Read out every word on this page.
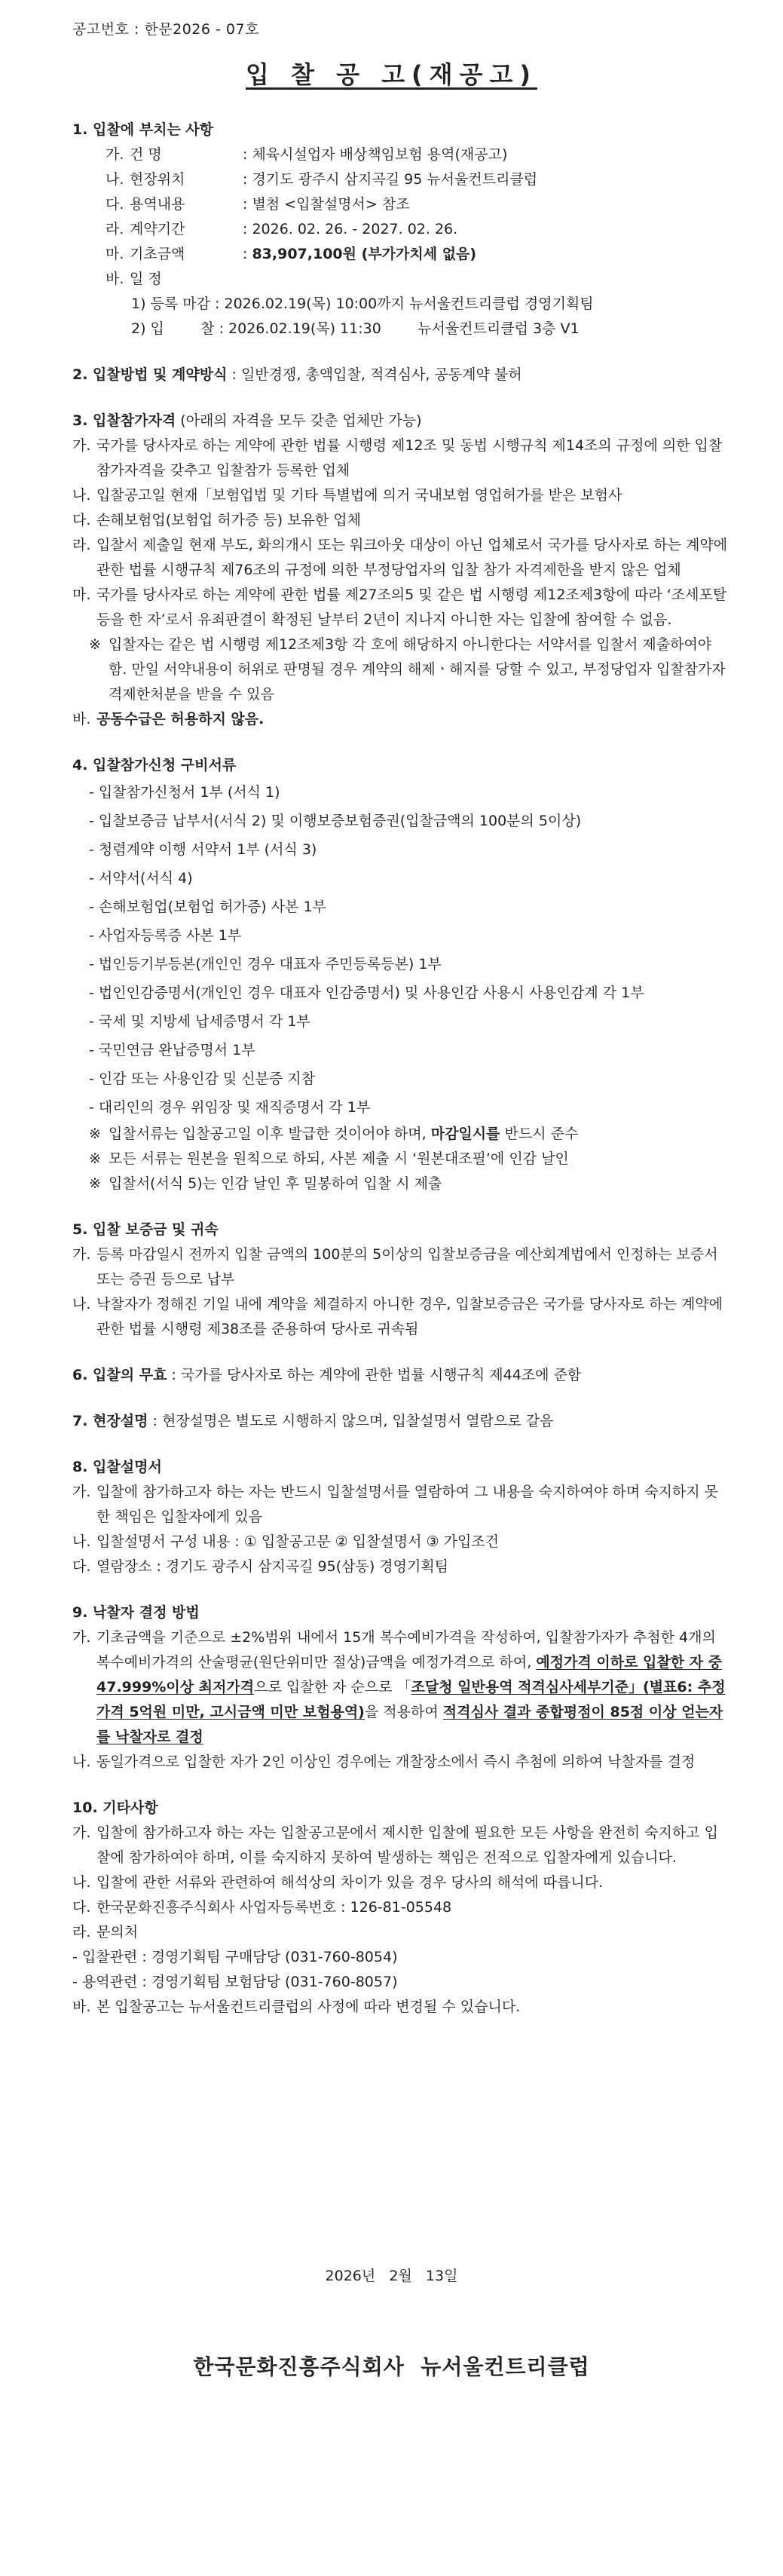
공고번호 : 한문2026 - 07호
입 찰 공 고(재공고)
1. 입찰에 부치는 사항
가. 건 명	: 체육시설업자 배상책임보험 용역(재공고)
나. 현장위치	: 경기도 광주시 삼지곡길 95 뉴서울컨트리클럽
다. 용역내용	: 별첨 <입찰설명서> 참조
라. 계약기간	: 2026. 02. 26. - 2027. 02. 26.
마. 기초금액	: 83,907,100원 (부가가치세 없음)
바. 일 정
1) 등록 마감 : 2026.02.19(목) 10:00까지 뉴서울컨트리클럽 경영기획팀
2) 입        찰 : 2026.02.19(목) 11:30        뉴서울컨트리클럽 3층 V1
2. 입찰방법 및 계약방식 : 일반경쟁, 총액입찰, 적격심사, 공동계약 불허
3. 입찰참가자격 (아래의 자격을 모두 갖춘 업체만 가능)
가. 국가를 당사자로 하는 계약에 관한 법률 시행령 제12조 및 동법 시행규칙 제14조의 규정에 의한 입찰참가자격을 갖추고 입찰참가 등록한 업체
나. 입찰공고일 현재「보험업법 및 기타 특별법에 의거 국내보험 영업허가를 받은 보험사
다. 손해보험업(보험업 허가증 등) 보유한 업체
라. 입찰서 제출일 현재 부도, 화의개시 또는 워크아웃 대상이 아닌 업체로서 국가를 당사자로 하는 계약에 관한 법률 시행규칙 제76조의 규정에 의한 부정당업자의 입찰 참가 자격제한을 받지 않은 업체
마. 국가를 당사자로 하는 계약에 관한 법률 제27조의5 및 같은 법 시행령 제12조제3항에 따라 ‘조세포탈 등을 한 자’로서 유죄판결이 확정된 날부터 2년이 지나지 아니한 자는 입찰에 참여할 수 없음.
※ 입찰자는 같은 법 시행령 제12조제3항 각 호에 해당하지 아니한다는 서약서를 입찰서 제출하여야 함. 만일 서약내용이 허위로 판명될 경우 계약의 해제ㆍ해지를 당할 수 있고, 부정당업자 입찰참가자격제한처분을 받을 수 있음
바. 공동수급은 허용하지 않음.
4. 입찰참가신청 구비서류
- 입찰참가신청서 1부 (서식 1)
- 입찰보증금 납부서(서식 2) 및 이행보증보험증권(입찰금액의 100분의 5이상)
- 청렴계약 이행 서약서 1부 (서식 3)
- 서약서(서식 4)
- 손해보험업(보험업 허가증) 사본 1부
- 사업자등록증 사본 1부
- 법인등기부등본(개인인 경우 대표자 주민등록등본) 1부
- 법인인감증명서(개인인 경우 대표자 인감증명서) 및 사용인감 사용시 사용인감계 각 1부
- 국세 및 지방세 납세증명서 각 1부
- 국민연금 완납증명서 1부
- 인감 또는 사용인감 및 신분증 지참
- 대리인의 경우 위임장 및 재직증명서 각 1부
※ 입찰서류는 입찰공고일 이후 발급한 것이어야 하며, 마감일시를 반드시 준수
※ 모든 서류는 원본을 원칙으로 하되, 사본 제출 시 ‘원본대조필’에 인감 날인
※ 입찰서(서식 5)는 인감 날인 후 밀봉하여 입찰 시 제출
5. 입찰 보증금 및 귀속
가. 등록 마감일시 전까지 입찰 금액의 100분의 5이상의 입찰보증금을 예산회계법에서 인정하는 보증서 또는 증권 등으로 납부
나. 낙찰자가 정해진 기일 내에 계약을 체결하지 아니한 경우, 입찰보증금은 국가를 당사자로 하는 계약에 관한 법률 시행령 제38조를 준용하여 당사로 귀속됨
6. 입찰의 무효 : 국가를 당사자로 하는 계약에 관한 법률 시행규칙 제44조에 준함
7. 현장설명 : 현장설명은 별도로 시행하지 않으며, 입찰설명서 열람으로 갈음
8. 입찰설명서
가. 입찰에 참가하고자 하는 자는 반드시 입찰설명서를 열람하여 그 내용을 숙지하여야 하며 숙지하지 못한 책임은 입찰자에게 있음
나. 입찰설명서 구성 내용 : ① 입찰공고문 ② 입찰설명서 ③ 가입조건
다. 열람장소 : 경기도 광주시 삼지곡길 95(삼동) 경영기획팀
9. 낙찰자 결정 방법
가. 기초금액을 기준으로 ±2%범위 내에서 15개 복수예비가격을 작성하여, 입찰참가자가 추첨한 4개의 복수예비가격의 산술평균(원단위미만 절상)금액을 예정가격으로 하여, 예정가격 이하로 입찰한 자 중 47.999%이상 최저가격으로 입찰한 자 순으로 「조달청 일반용역 적격심사세부기준」(별표6: 추정가격 5억원 미만, 고시금액 미만 보험용역)을 적용하여 적격심사 결과 종합평점이 85점 이상 얻는자를 낙찰자로 결정
나. 동일가격으로 입찰한 자가 2인 이상인 경우에는 개찰장소에서 즉시 추첨에 의하여 낙찰자를 결정
10. 기타사항
가. 입찰에 참가하고자 하는 자는 입찰공고문에서 제시한 입찰에 필요한 모든 사항을 완전히 숙지하고 입찰에 참가하여야 하며, 이를 숙지하지 못하여 발생하는 책임은 전적으로 입찰자에게 있습니다.
나. 입찰에 관한 서류와 관련하여 해석상의 차이가 있을 경우 당사의 해석에 따릅니다.
다. 한국문화진흥주식회사 사업자등록번호 : 126-81-05548
라. 문의처
- 입찰관련 : 경영기획팀 구매담당 (031-760-8054)
- 용역관련 : 경영기획팀 보험담당 (031-760-8057)
바. 본 입찰공고는 뉴서울컨트리클럽의 사정에 따라 변경될 수 있습니다.
2026년   2월   13일
한국문화진흥주식회사  뉴서울컨트리클럽
